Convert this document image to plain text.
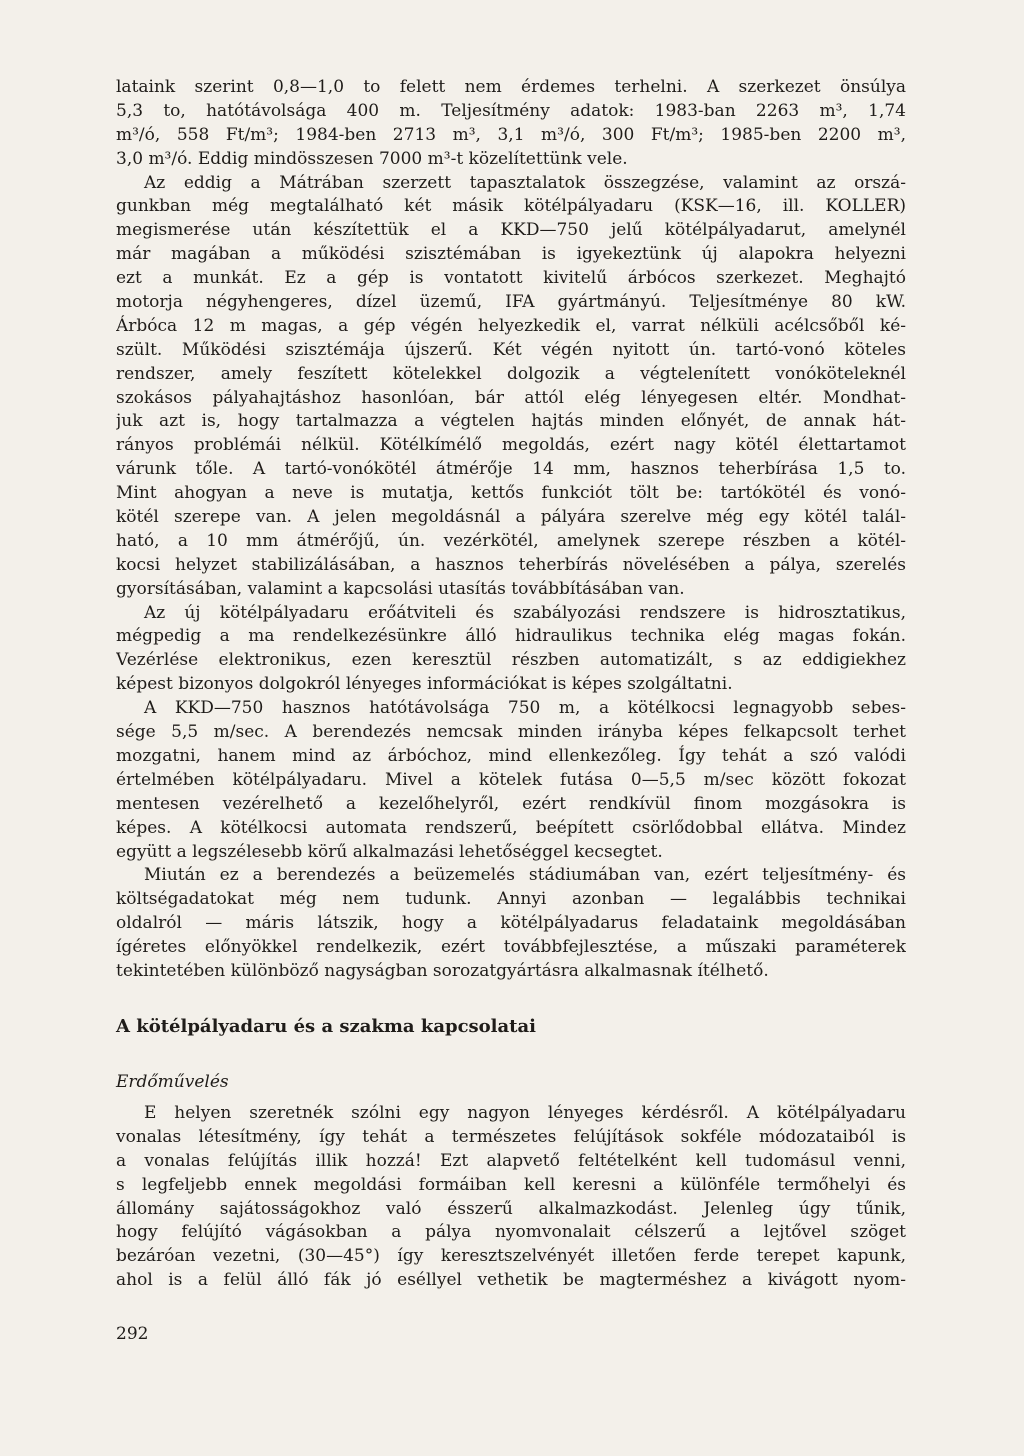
lataink szerint 0,8—1,0 to felett nem érdemes terhelni. A szerkezet önsúlya
5,3 to, hatótávolsága 400 m. Teljesítmény adatok: 1983-ban 2263 m³, 1,74
m³/ó, 558 Ft/m³; 1984-ben 2713 m³, 3,1 m³/ó, 300 Ft/m³; 1985-ben 2200 m³,
3,0 m³/ó. Eddig mindösszesen 7000 m³-t közelítettünk vele.
Az eddig a Mátrában szerzett tapasztalatok összegzése, valamint az orszá-
gunkban még megtalálható két másik kötélpályadaru (KSK—16, ill. KOLLER)
megismerése után készítettük el a KKD—750 jelű kötélpályadarut, amelynél
már magában a működési szisztémában is igyekeztünk új alapokra helyezni
ezt a munkát. Ez a gép is vontatott kivitelű árbócos szerkezet. Meghajtó
motorja négyhengeres, dízel üzemű, IFA gyártmányú. Teljesítménye 80 kW.
Árbóca 12 m magas, a gép végén helyezkedik el, varrat nélküli acélcsőből ké-
szült. Működési szisztémája újszerű. Két végén nyitott ún. tartó-vonó köteles
rendszer, amely feszített kötelekkel dolgozik a végtelenített vonóköteleknél
szokásos pályahajtáshoz hasonlóan, bár attól elég lényegesen eltér. Mondhat-
juk azt is, hogy tartalmazza a végtelen hajtás minden előnyét, de annak hát-
rányos problémái nélkül. Kötélkímélő megoldás, ezért nagy kötél élettartamot
várunk tőle. A tartó-vonókötél átmérője 14 mm, hasznos teherbírása 1,5 to.
Mint ahogyan a neve is mutatja, kettős funkciót tölt be: tartókötél és vonó-
kötél szerepe van. A jelen megoldásnál a pályára szerelve még egy kötél talál-
ható, a 10 mm átmérőjű, ún. vezérkötél, amelynek szerepe részben a kötél-
kocsi helyzet stabilizálásában, a hasznos teherbírás növelésében a pálya, szerelés
gyorsításában, valamint a kapcsolási utasítás továbbításában van.
Az új kötélpályadaru erőátviteli és szabályozási rendszere is hidrosztatikus,
mégpedig a ma rendelkezésünkre álló hidraulikus technika elég magas fokán.
Vezérlése elektronikus, ezen keresztül részben automatizált, s az eddigiekhez
képest bizonyos dolgokról lényeges információkat is képes szolgáltatni.
A KKD—750 hasznos hatótávolsága 750 m, a kötélkocsi legnagyobb sebes-
sége 5,5 m/sec. A berendezés nemcsak minden irányba képes felkapcsolt terhet
mozgatni, hanem mind az árbóchoz, mind ellenkezőleg. Így tehát a szó valódi
értelmében kötélpályadaru. Mivel a kötelek futása 0—5,5 m/sec között fokozat
mentesen vezérelhető a kezelőhelyről, ezért rendkívül finom mozgásokra is
képes. A kötélkocsi automata rendszerű, beépített csörlődobbal ellátva. Mindez
együtt a legszélesebb körű alkalmazási lehetőséggel kecsegtet.
Miután ez a berendezés a beüzemelés stádiumában van, ezért teljesítmény- és
költségadatokat még nem tudunk. Annyi azonban — legalábbis technikai
oldalról — máris látszik, hogy a kötélpályadarus feladataink megoldásában
ígéretes előnyökkel rendelkezik, ezért továbbfejlesztése, a műszaki paraméterek
tekintetében különböző nagyságban sorozatgyártásra alkalmasnak ítélhető.
A kötélpályadaru és a szakma kapcsolatai
Erdőművelés
E helyen szeretnék szólni egy nagyon lényeges kérdésről. A kötélpályadaru
vonalas létesítmény, így tehát a természetes felújítások sokféle módozataiból is
a vonalas felújítás illik hozzá! Ezt alapvető feltételként kell tudomásul venni,
s legfeljebb ennek megoldási formáiban kell keresni a különféle termőhelyi és
állomány sajátosságokhoz való ésszerű alkalmazkodást. Jelenleg úgy tűnik,
hogy felújító vágásokban a pálya nyomvonalait célszerű a lejtővel szöget
bezáróan vezetni, (30—45°) így keresztszelvényét illetően ferde terepet kapunk,
ahol is a felül álló fák jó eséllyel vethetik be magterméshez a kivágott nyom-
292
